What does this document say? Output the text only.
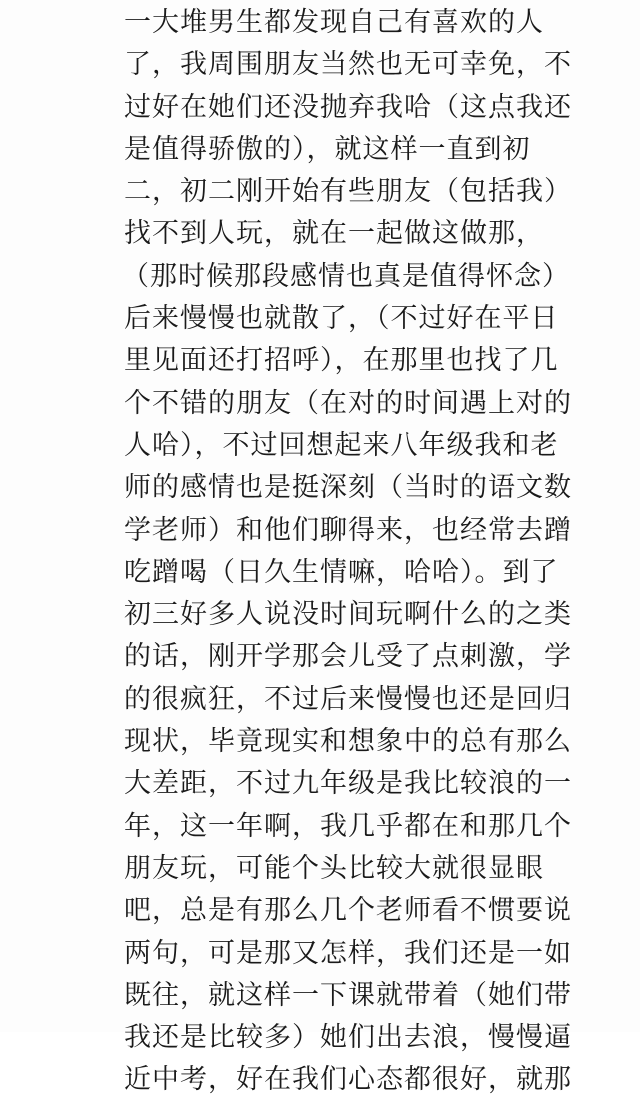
一大堆男生都发现自己有喜欢的人
了，我周围朋友当然也无可幸免，不
过好在她们还没抛弃我哈（这点我还
是值得骄傲的），就这样一直到初
二，初二刚开始有些朋友（包括我）
找不到人玩，就在一起做这做那，
（那时候那段感情也真是值得怀念）
后来慢慢也就散了，（不过好在平日
里见面还打招呼），在那里也找了几
个不错的朋友（在对的时间遇上对的
人哈），不过回想起来八年级我和老
师的感情也是挺深刻（当时的语文数
学老师）和他们聊得来，也经常去蹭
吃蹭喝（日久生情嘛，哈哈）。到了
初三好多人说没时间玩啊什么的之类
的话，刚开学那会儿受了点刺激，学
的很疯狂，不过后来慢慢也还是回归
现状，毕竟现实和想象中的总有那么
大差距，不过九年级是我比较浪的一
年，这一年啊，我几乎都在和那几个
朋友玩，可能个头比较大就很显眼
吧，总是有那么几个老师看不惯要说
两句，可是那又怎样，我们还是一如
既往，就这样一下课就带着（她们带
我还是比较多）她们出去浪，慢慢逼
近中考，好在我们心态都很好，就那
